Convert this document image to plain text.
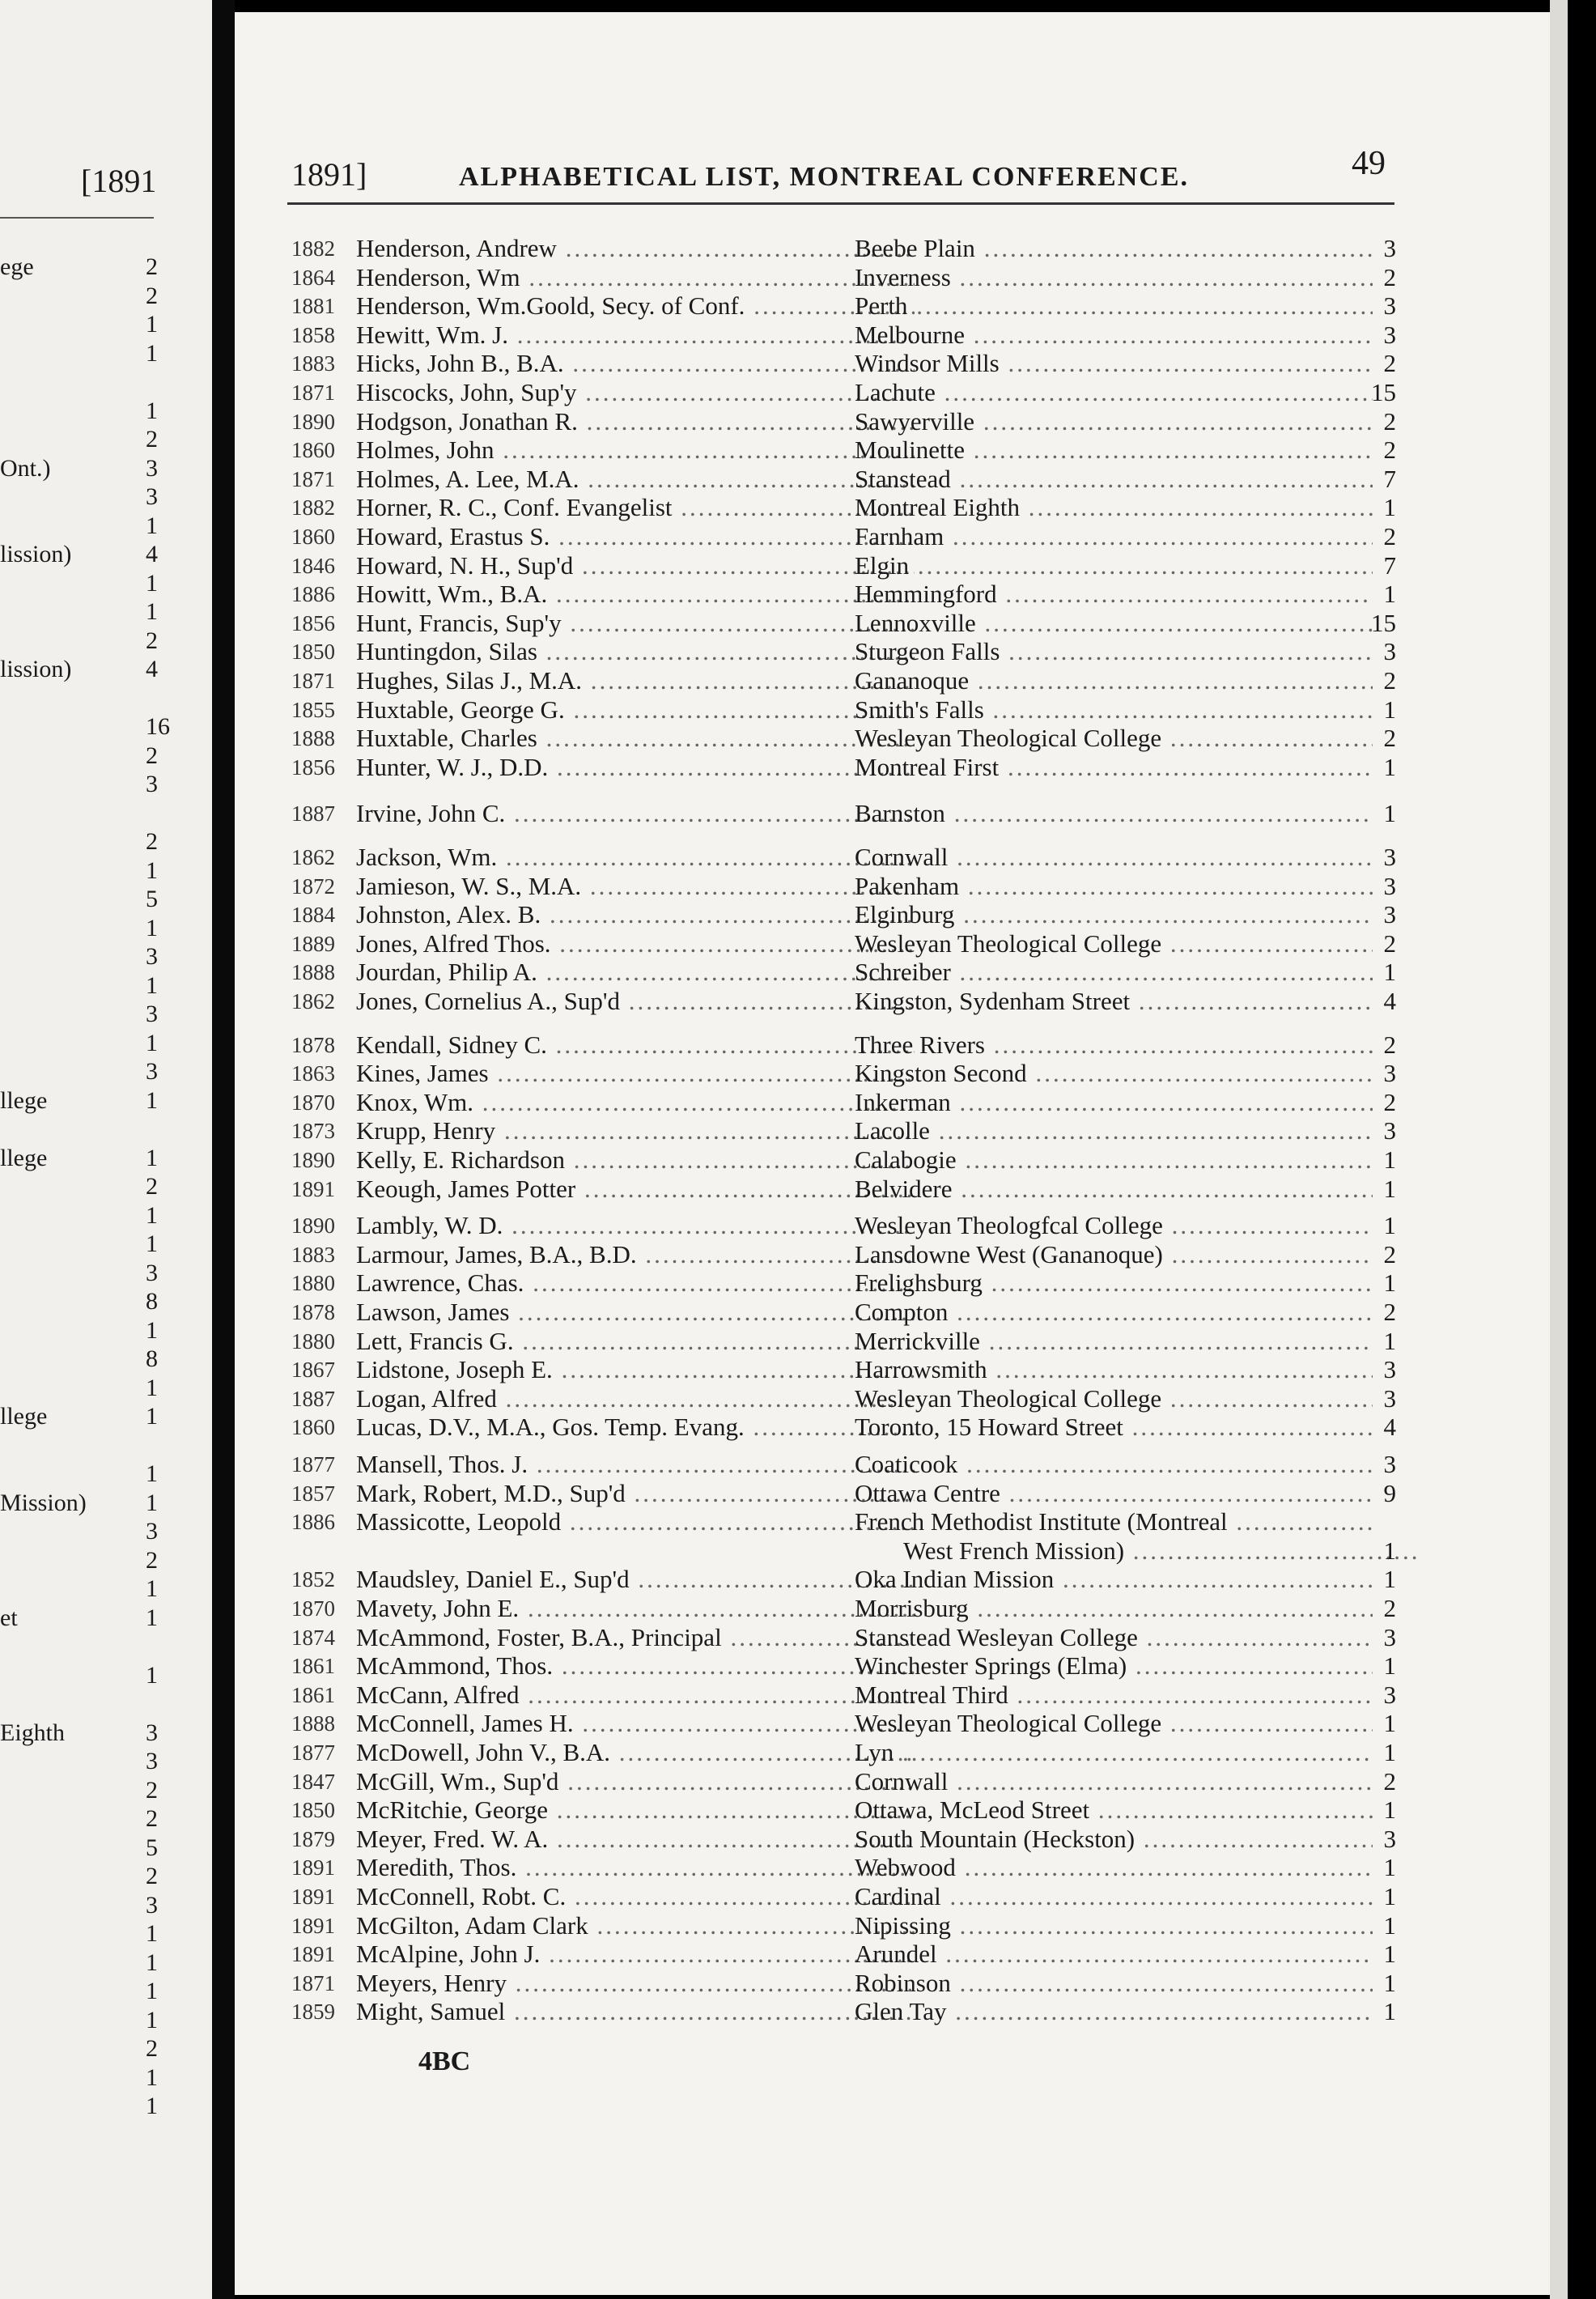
[1891
ege	2
2
1
1
1
2
Ont.)	3
3
1
lission)	4
1
1
2
lission)	4
16
2
3
2
1
5
1
3
1
3
1
3
llege	1
llege	1
2
1
1
3
8
1
8
1
llege	1
1
Mission) 1
3
2
1
et	1
1
Eighth	3
3
2
2
5
2
3
1
1
1
1
2
1
1
1891]	ALPHABETICAL LIST, MONTREAL CONFERENCE.	49
1882 Henderson, Andrew .....	Beebe Plain .....	3
1864 Henderson, Wm .....	Inverness .....	2
1881 Henderson, Wm.Goold, Secy. of Conf. .....	Perth .....	3
1858 Hewitt, Wm. J. .....	Melbourne .....	3
1883 Hicks, John B., B.A. .....	Windsor Mills .....	2
1871 Hiscocks, John, Sup'y .....	Lachute .....	15
1890 Hodgson, Jonathan R. .....	Sawyerville .....	2
1860 Holmes, John .....	Moulinette .....	2
1871 Holmes, A. Lee, M.A. .....	Stanstead .....	7
1882 Horner, R. C., Conf. Evangelist .....	Montreal Eighth .....	1
1860 Howard, Erastus S. .....	Farnham .....	2
1846 Howard, N. H., Sup'd .....	Elgin .....	7
1886 Howitt, Wm., B.A. .....	Hemmingford .....	1
1856 Hunt, Francis, Sup'y .....	Lennoxville .....	15
1850 Huntingdon, Silas .....	Sturgeon Falls .....	3
1871 Hughes, Silas J., M.A. .....	Gananoque .....	2
1855 Huxtable, George G. .....	Smith's Falls .....	1
1888 Huxtable, Charles .....	Wesleyan Theological College .....	2
1856 Hunter, W. J., D.D. .....	Montreal First .....	1
1887 Irvine, John C. .....	Barnston .....	1
1862 Jackson, Wm. .....	Cornwall .....	3
1872 Jamieson, W. S., M.A. .....	Pakenham .....	3
1884 Johnston, Alex. B. .....	Elginburg .....	3
1889 Jones, Alfred Thos. .....	Wesleyan Theological College .....	2
1888 Jourdan, Philip A. .....	Schreiber .....	1
1862 Jones, Cornelius A., Sup'd .....	Kingston, Sydenham Street .....	4
1878 Kendall, Sidney C. .....	Three Rivers .....	2
1863 Kines, James .....	Kingston Second .....	3
1870 Knox, Wm. .....	Inkerman .....	2
1873 Krupp, Henry .....	Lacolle .....	3
1890 Kelly, E. Richardson .....	Calabogie .....	1
1891 Keough, James Potter .....	Belvidere .....	1
1890 Lambly, W. D. .....	Wesleyan Theologfcal College .....	1
1883 Larmour, James, B.A., B.D. .....	Lansdowne West (Gananoque) .....	2
1880 Lawrence, Chas. .....	Frelighsburg .....	1
1878 Lawson, James .....	Compton .....	2
1880 Lett, Francis G. .....	Merrickville .....	1
1867 Lidstone, Joseph E. .....	Harrowsmith .....	3
1887 Logan, Alfred .....	Wesleyan Theological College .....	3
1860 Lucas, D.V., M.A., Gos. Temp. Evang. .....	Toronto, 15 Howard Street .....	4
1877 Mansell, Thos. J. .....	Coaticook .....	3
1857 Mark, Robert, M.D., Sup'd .....	Ottawa Centre .....	9
1886 Massicotte, Leopold .....	French Methodist Institute (Montreal .....
West French Mission) .....	1
1852 Maudsley, Daniel E., Sup'd .....	Oka Indian Mission .....	1
1870 Mavety, John E. .....	Morrisburg .....	2
1874 McAmmond, Foster, B.A., Principal .....	Stanstead Wesleyan College .....	3
1861 McAmmond, Thos. .....	Winchester Springs (Elma) .....	1
1861 McCann, Alfred .....	Montreal Third .....	3
1888 McConnell, James H. .....	Wesleyan Theological College .....	1
1877 McDowell, John V., B.A. .....	Lyn .....	1
1847 McGill, Wm., Sup'd .....	Cornwall .....	2
1850 McRitchie, George .....	Ottawa, McLeod Street .....	1
1879 Meyer, Fred. W. A. .....	South Mountain (Heckston) .....	3
1891 Meredith, Thos. .....	Webwood .....	1
1891 McConnell, Robt. C. .....	Cardinal .....	1
1891 McGilton, Adam Clark .....	Nipissing .....	1
1891 McAlpine, John J. .....	Arundel .....	1
1871 Meyers, Henry .....	Robinson .....	1
1859 Might, Samuel .....	Glen Tay .....	1
4BC
